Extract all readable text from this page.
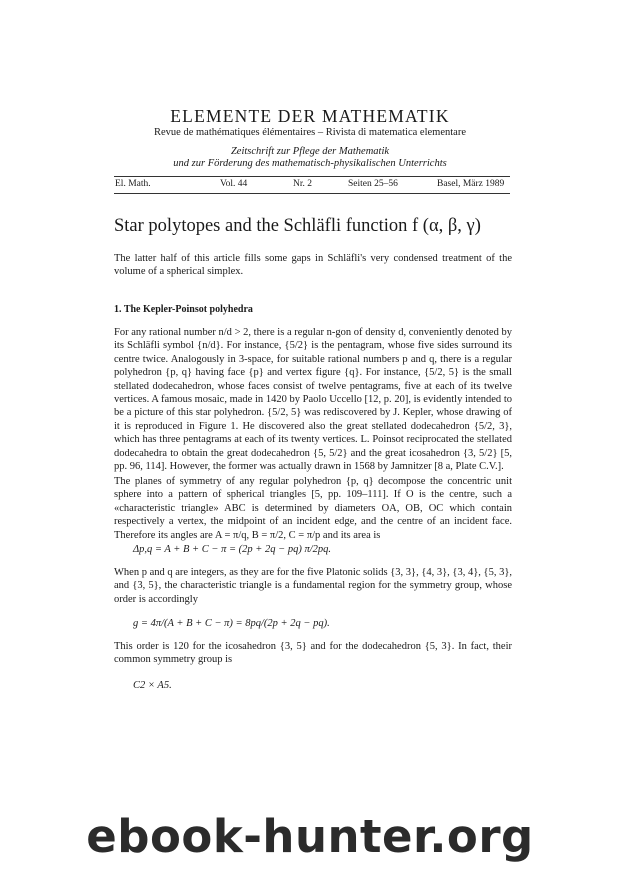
ELEMENTE DER MATHEMATIK
Revue de mathématiques élémentaires – Rivista di matematica elementare
Zeitschrift zur Pflege der Mathematik
und zur Förderung des mathematisch-physikalischen Unterrichts
El. Math.	Vol. 44	Nr. 2	Seiten 25–56	Basel, März 1989
Star polytopes and the Schläfli function f (α, β, γ)
The latter half of this article fills some gaps in Schläfli's very condensed treatment of the volume of a spherical simplex.
1. The Kepler-Poinsot polyhedra
For any rational number n/d > 2, there is a regular n-gon of density d, conveniently denoted by its Schläfli symbol {n/d}. For instance, {5/2} is the pentagram, whose five sides surround its centre twice. Analogously in 3-space, for suitable rational numbers p and q, there is a regular polyhedron {p, q} having face {p} and vertex figure {q}. For instance, {5/2, 5} is the small stellated dodecahedron, whose faces consist of twelve pentagrams, five at each of its twelve vertices. A famous mosaic, made in 1420 by Paolo Uccello [12, p. 20], is evidently intended to be a picture of this star polyhedron. {5/2, 5} was rediscovered by J. Kepler, whose drawing of it is reproduced in Figure 1. He discovered also the great stellated dodecahedron {5/2, 3}, which has three pentagrams at each of its twenty vertices. L. Poinsot reciprocated the stellated dodecahedra to obtain the great dodecahedron {5, 5/2} and the great icosahedron {3, 5/2} [5, pp. 96, 114]. However, the former was actually drawn in 1568 by Jamnitzer [8 a, Plate C.V.].
The planes of symmetry of any regular polyhedron {p, q} decompose the concentric unit sphere into a pattern of spherical triangles [5, pp. 109–111]. If O is the centre, such a «characteristic triangle» ABC is determined by diameters OA, OB, OC which contain respectively a vertex, the midpoint of an incident edge, and the centre of an incident face. Therefore its angles are A = π/q, B = π/2, C = π/p and its area is
Δp,q = A + B + C − π = (2p + 2q − pq) π/2pq.
When p and q are integers, as they are for the five Platonic solids {3, 3}, {4, 3}, {3, 4}, {5, 3}, and {3, 5}, the characteristic triangle is a fundamental region for the symmetry group, whose order is accordingly
g = 4π/(A + B + C − π) = 8pq/(2p + 2q − pq).
This order is 120 for the icosahedron {3, 5} and for the dodecahedron {5, 3}. In fact, their common symmetry group is
C2 × A5.
ebook-hunter.org
